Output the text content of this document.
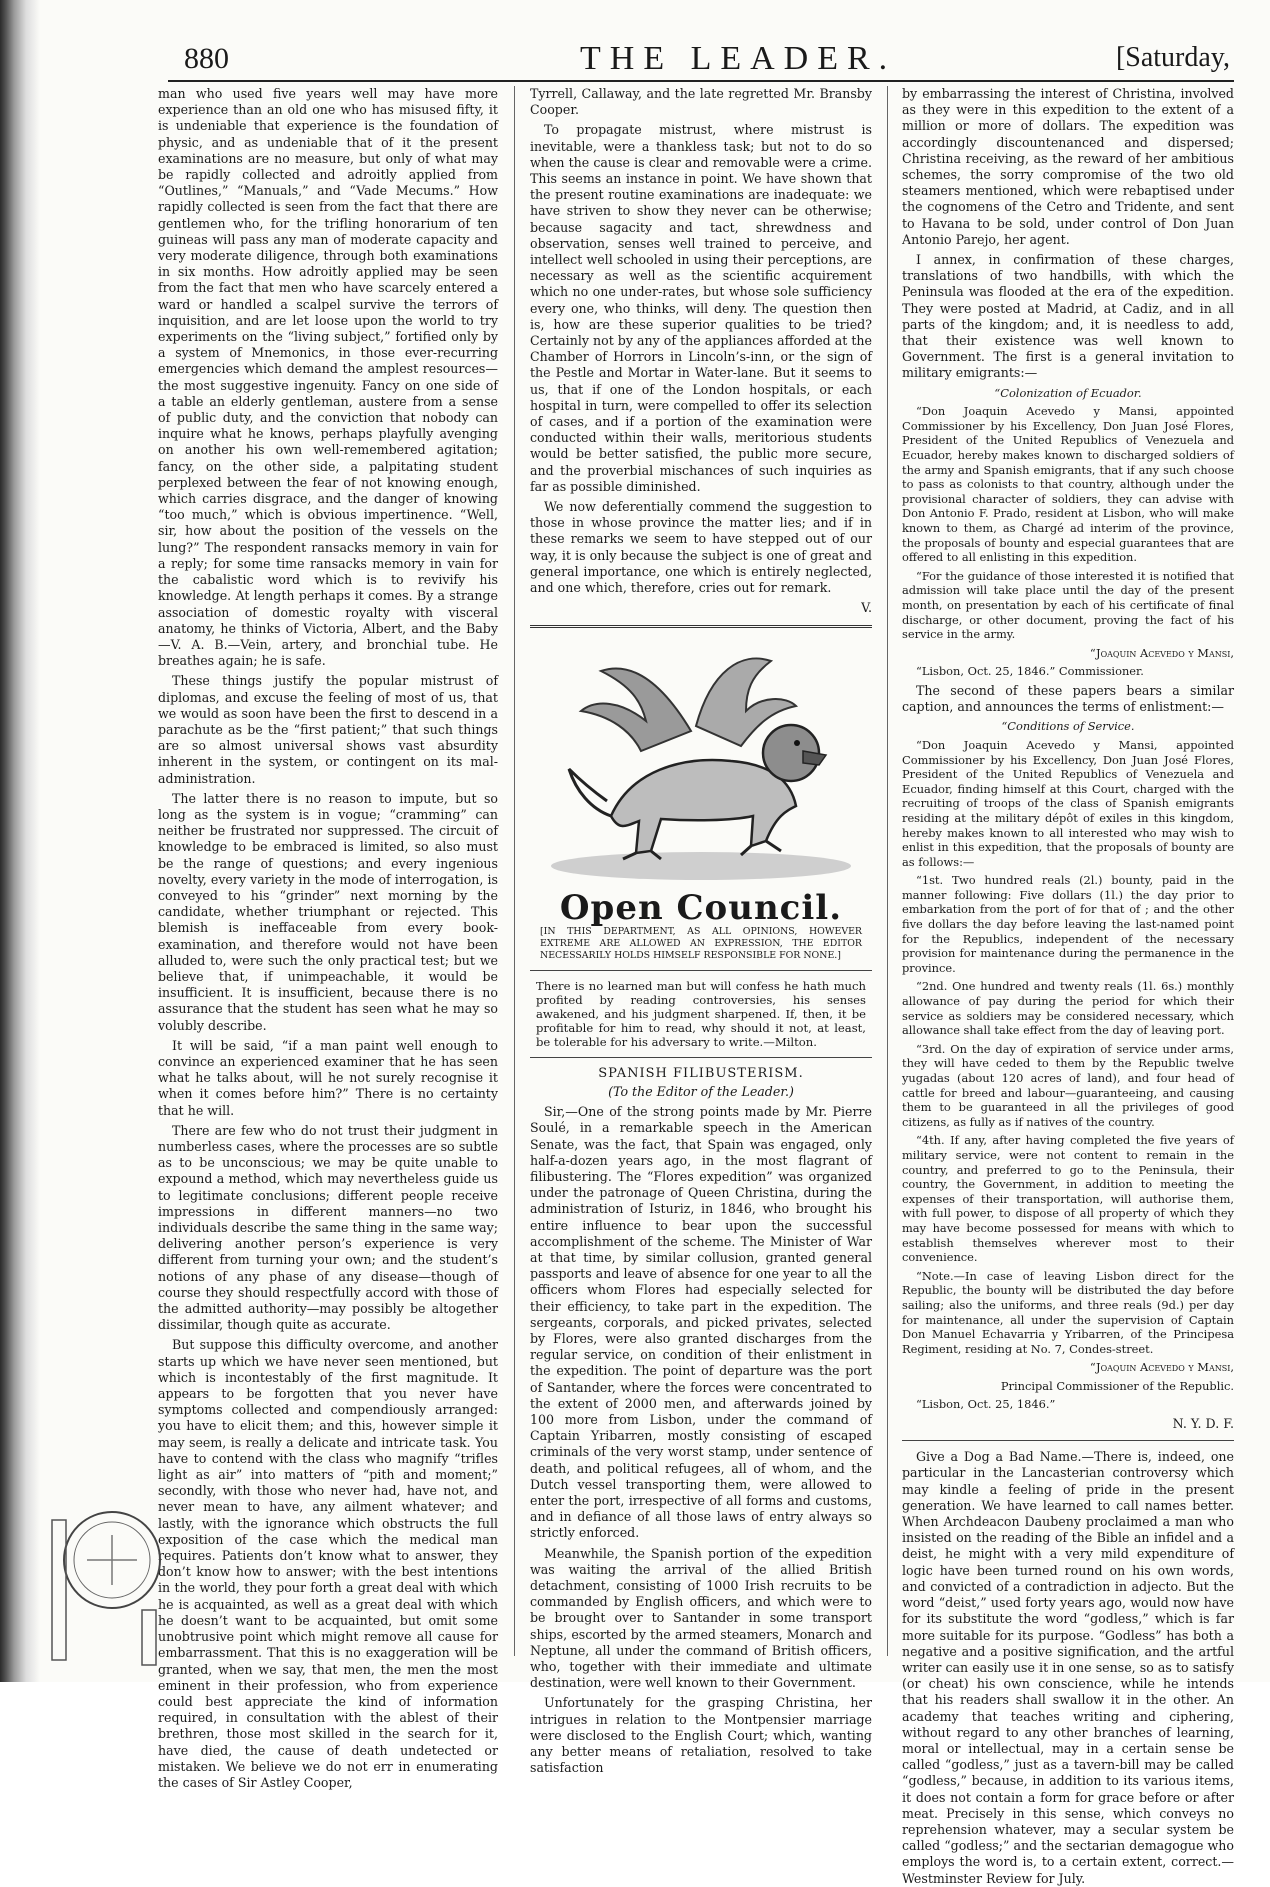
880	THE LEADER.	[Saturday,

man who used five years well may have more experience than an old one who has misused fifty, it is undeniable that experience is the foundation of physic, and as undeniable that of it the present examinations are no measure, but only of what may be rapidly collected and adroitly applied from “Outlines,” “Manuals,” and “Vade Mecums.” How rapidly collected is seen from the fact that there are gentlemen who, for the trifling honorarium of ten guineas will pass any man of moderate capacity and very moderate diligence, through both examinations in six months. How adroitly applied may be seen from the fact that men who have scarcely entered a ward or handled a scalpel survive the terrors of inquisition, and are let loose upon the world to try experiments on the “living subject,” fortified only by a system of Mnemonics, in those ever-recurring emergencies which demand the amplest resources—the most suggestive ingenuity. Fancy on one side of a table an elderly gentleman, austere from a sense of public duty, and the conviction that nobody can inquire what he knows, perhaps playfully avenging on another his own well-remembered agitation; fancy, on the other side, a palpitating student perplexed between the fear of not knowing enough, which carries disgrace, and the danger of knowing “too much,” which is obvious impertinence. “Well, sir, how about the position of the vessels on the lung?” The respondent ransacks memory in vain for a reply; for some time ransacks memory in vain for the cabalistic word which is to revivify his knowledge. At length perhaps it comes. By a strange association of domestic royalty with visceral anatomy, he thinks of Victoria, Albert, and the Baby—V. A. B.—Vein, artery, and bronchial tube. He breathes again; he is safe.

These things justify the popular mistrust of diplomas, and excuse the feeling of most of us, that we would as soon have been the first to descend in a parachute as be the “first patient;” that such things are so almost universal shows vast absurdity inherent in the system, or contingent on its mal-administration.

The latter there is no reason to impute, but so long as the system is in vogue; “cramming” can neither be frustrated nor suppressed. The circuit of knowledge to be embraced is limited, so also must be the range of questions; and every ingenious novelty, every variety in the mode of interrogation, is conveyed to his “grinder” next morning by the candidate, whether triumphant or rejected. This blemish is ineffaceable from every book-examination, and therefore would not have been alluded to, were such the only practical test; but we believe that, if unimpeachable, it would be insufficient. It is insufficient, because there is no assurance that the student has seen what he may so volubly describe.

It will be said, “if a man paint well enough to convince an experienced examiner that he has seen what he talks about, will he not surely recognise it when it comes before him?” There is no certainty that he will.

There are few who do not trust their judgment in numberless cases, where the processes are so subtle as to be unconscious; we may be quite unable to expound a method, which may nevertheless guide us to legitimate conclusions; different people receive impressions in different manners—no two individuals describe the same thing in the same way; delivering another person’s experience is very different from turning your own; and the student’s notions of any phase of any disease—though of course they should respectfully accord with those of the admitted authority—may possibly be altogether dissimilar, though quite as accurate.

But suppose this difficulty overcome, and another starts up which we have never seen mentioned, but which is incontestably of the first magnitude. It appears to be forgotten that you never have symptoms collected and compendiously arranged: you have to elicit them; and this, however simple it may seem, is really a delicate and intricate task. You have to contend with the class who magnify “trifles light as air” into matters of “pith and moment;” secondly, with those who never had, have not, and never mean to have, any ailment whatever; and lastly, with the ignorance which obstructs the full exposition of the case which the medical man requires. Patients don’t know what to answer, they don’t know how to answer; with the best intentions in the world, they pour forth a great deal with which he is acquainted, as well as a great deal with which he doesn’t want to be acquainted, but omit some unobtrusive point which might remove all cause for embarrassment. That this is no exaggeration will be granted, when we say, that men, the men the most eminent in their profession, who from experience could best appreciate the kind of information required, in consultation with the ablest of their brethren, those most skilled in the search for it, have died, the cause of death undetected or mistaken. We believe we do not err in enumerating the cases of Sir Astley Cooper,

Tyrrell, Callaway, and the late regretted Mr. Bransby Cooper.

To propagate mistrust, where mistrust is inevitable, were a thankless task; but not to do so when the cause is clear and removable were a crime. This seems an instance in point. We have shown that the present routine examinations are inadequate: we have striven to show they never can be otherwise; because sagacity and tact, shrewdness and observation, senses well trained to perceive, and intellect well schooled in using their perceptions, are necessary as well as the scientific acquirement which no one under-rates, but whose sole sufficiency every one, who thinks, will deny. The question then is, how are these superior qualities to be tried? Certainly not by any of the appliances afforded at the Chamber of Horrors in Lincoln’s-inn, or the sign of the Pestle and Mortar in Water-lane. But it seems to us, that if one of the London hospitals, or each hospital in turn, were compelled to offer its selection of cases, and if a portion of the examination were conducted within their walls, meritorious students would be better satisfied, the public more secure, and the proverbial mischances of such inquiries as far as possible diminished.

We now deferentially commend the suggestion to those in whose province the matter lies; and if in these remarks we seem to have stepped out of our way, it is only because the subject is one of great and general importance, one which is entirely neglected, and one which, therefore, cries out for remark.

V.

Open Council.

[IN THIS DEPARTMENT, AS ALL OPINIONS, HOWEVER EXTREME ARE ALLOWED AN EXPRESSION, THE EDITOR NECESSARILY HOLDS HIMSELF RESPONSIBLE FOR NONE.]

There is no learned man but will confess he hath much profited by reading controversies, his senses awakened, and his judgment sharpened. If, then, it be profitable for him to read, why should it not, at least, be tolerable for his adversary to write.—Milton.

SPANISH FILIBUSTERISM.

(To the Editor of the Leader.)

Sir,—One of the strong points made by Mr. Pierre Soulé, in a remarkable speech in the American Senate, was the fact, that Spain was engaged, only half-a-dozen years ago, in the most flagrant of filibustering. The “Flores expedition” was organized under the patronage of Queen Christina, during the administration of Isturiz, in 1846, who brought his entire influence to bear upon the successful accomplishment of the scheme. The Minister of War at that time, by similar collusion, granted general passports and leave of absence for one year to all the officers whom Flores had especially selected for their efficiency, to take part in the expedition. The sergeants, corporals, and picked privates, selected by Flores, were also granted discharges from the regular service, on condition of their enlistment in the expedition. The point of departure was the port of Santander, where the forces were concentrated to the extent of 2000 men, and afterwards joined by 100 more from Lisbon, under the command of Captain Yribarren, mostly consisting of escaped criminals of the very worst stamp, under sentence of death, and political refugees, all of whom, and the Dutch vessel transporting them, were allowed to enter the port, irrespective of all forms and customs, and in defiance of all those laws of entry always so strictly enforced.

Meanwhile, the Spanish portion of the expedition was waiting the arrival of the allied British detachment, consisting of 1000 Irish recruits to be commanded by English officers, and which were to be brought over to Santander in some transport ships, escorted by the armed steamers, Monarch and Neptune, all under the command of British officers, who, together with their immediate and ultimate destination, were well known to their Government.

Unfortunately for the grasping Christina, her intrigues in relation to the Montpensier marriage were disclosed to the English Court; which, wanting any better means of retaliation, resolved to take satisfaction

by embarrassing the interest of Christina, involved as they were in this expedition to the extent of a million or more of dollars. The expedition was accordingly discountenanced and dispersed; Christina receiving, as the reward of her ambitious schemes, the sorry compromise of the two old steamers mentioned, which were rebaptised under the cognomens of the Cetro and Tridente, and sent to Havana to be sold, under control of Don Juan Antonio Parejo, her agent.

I annex, in confirmation of these charges, translations of two handbills, with which the Peninsula was flooded at the era of the expedition. They were posted at Madrid, at Cadiz, and in all parts of the kingdom; and, it is needless to add, that their existence was well known to Government. The first is a general invitation to military emigrants:—

“Colonization of Ecuador.

“Don Joaquin Acevedo y Mansi, appointed Commissioner by his Excellency, Don Juan José Flores, President of the United Republics of Venezuela and Ecuador, hereby makes known to discharged soldiers of the army and Spanish emigrants, that if any such choose to pass as colonists to that country, although under the provisional character of soldiers, they can advise with Don Antonio F. Prado, resident at Lisbon, who will make known to them, as Chargé ad interim of the province, the proposals of bounty and especial guarantees that are offered to all enlisting in this expedition.

“For the guidance of those interested it is notified that admission will take place until the day of the present month, on presentation by each of his certificate of final discharge, or other document, proving the fact of his service in the army.

“Joaquin Acevedo y Mansi,

“Lisbon, Oct. 25, 1846.” Commissioner.

The second of these papers bears a similar caption, and announces the terms of enlistment:—

“Conditions of Service.

“Don Joaquin Acevedo y Mansi, appointed Commissioner by his Excellency, Don Juan José Flores, President of the United Republics of Venezuela and Ecuador, finding himself at this Court, charged with the recruiting of troops of the class of Spanish emigrants residing at the military dépôt of exiles in this kingdom, hereby makes known to all interested who may wish to enlist in this expedition, that the proposals of bounty are as follows:—

“1st. Two hundred reals (2l.) bounty, paid in the manner following: Five dollars (1l.) the day prior to embarkation from the port of for that of ; and the other five dollars the day before leaving the last-named point for the Republics, independent of the necessary provision for maintenance during the permanence in the province.

“2nd. One hundred and twenty reals (1l. 6s.) monthly allowance of pay during the period for which their service as soldiers may be considered necessary, which allowance shall take effect from the day of leaving port.

“3rd. On the day of expiration of service under arms, they will have ceded to them by the Republic twelve yugadas (about 120 acres of land), and four head of cattle for breed and labour—guaranteeing, and causing them to be guaranteed in all the privileges of good citizens, as fully as if natives of the country.

“4th. If any, after having completed the five years of military service, were not content to remain in the country, and preferred to go to the Peninsula, their country, the Government, in addition to meeting the expenses of their transportation, will authorise them, with full power, to dispose of all property of which they may have become possessed for means with which to establish themselves wherever most to their convenience.

“Note.—In case of leaving Lisbon direct for the Republic, the bounty will be distributed the day before sailing; also the uniforms, and three reals (9d.) per day for maintenance, all under the supervision of Captain Don Manuel Echavarria y Yribarren, of the Principesa Regiment, residing at No. 7, Condes-street.

“Joaquin Acevedo y Mansi,

Principal Commissioner of the Republic.

“Lisbon, Oct. 25, 1846.”

N. Y. D. F.

Give a Dog a Bad Name.—There is, indeed, one particular in the Lancasterian controversy which may kindle a feeling of pride in the present generation. We have learned to call names better. When Archdeacon Daubeny proclaimed a man who insisted on the reading of the Bible an infidel and a deist, he might with a very mild expenditure of logic have been turned round on his own words, and convicted of a contradiction in adjecto. But the word “deist,” used forty years ago, would now have for its substitute the word “godless,” which is far more suitable for its purpose. “Godless” has both a negative and a positive signification, and the artful writer can easily use it in one sense, so as to satisfy (or cheat) his own conscience, while he intends that his readers shall swallow it in the other. An academy that teaches writing and ciphering, without regard to any other branches of learning, moral or intellectual, may in a certain sense be called “godless,” just as a tavern-bill may be called “godless,” because, in addition to its various items, it does not contain a form for grace before or after meat. Precisely in this sense, which conveys no reprehension whatever, may a secular system be called “godless;” and the sectarian demagogue who employs the word is, to a certain extent, correct.—Westminster Review for July.
